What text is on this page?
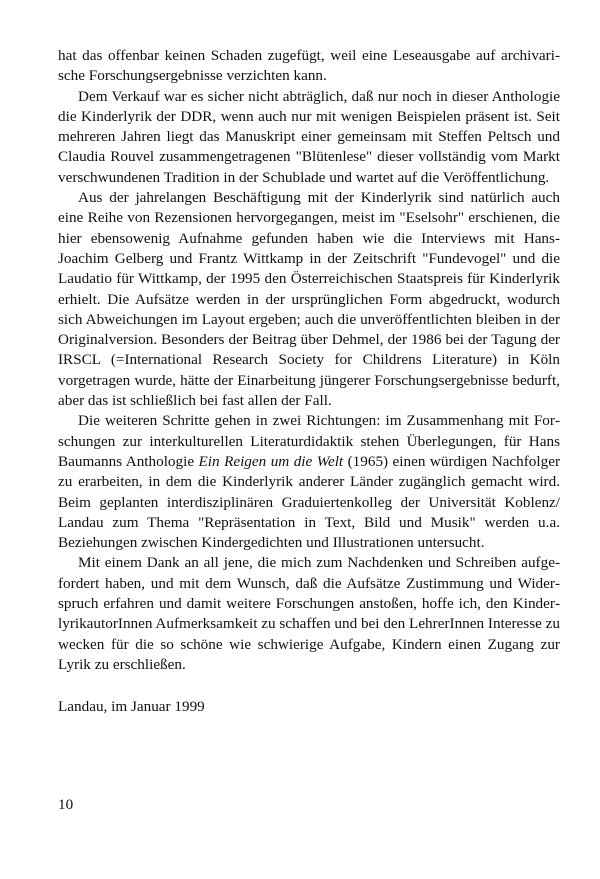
hat das offenbar keinen Schaden zugefügt, weil eine Leseausgabe auf archivarische Forschungsergebnisse verzichten kann.

Dem Verkauf war es sicher nicht abträglich, daß nur noch in dieser Anthologie die Kinderlyrik der DDR, wenn auch nur mit wenigen Beispielen präsent ist. Seit mehreren Jahren liegt das Manuskript einer gemeinsam mit Steffen Peltsch und Claudia Rouvel zusammengetragenen "Blütenlese" dieser vollständig vom Markt verschwundenen Tradition in der Schublade und wartet auf die Veröffentlichung.

Aus der jahrelangen Beschäftigung mit der Kinderlyrik sind natürlich auch eine Reihe von Rezensionen hervorgegangen, meist im "Eselsohr" erschienen, die hier ebensowenig Aufnahme gefunden haben wie die Interviews mit Hans-Joachim Gelberg und Frantz Wittkamp in der Zeitschrift "Fundevogel" und die Laudatio für Wittkamp, der 1995 den Österreichischen Staatspreis für Kinderlyrik erhielt. Die Aufsätze werden in der ursprünglichen Form abgedruckt, wodurch sich Abweichungen im Layout ergeben; auch die unveröffentlichten bleiben in der Originalversion. Besonders der Beitrag über Dehmel, der 1986 bei der Tagung der IRSCL (=International Research Society for Childrens Literature) in Köln vorgetragen wurde, hätte der Einarbeitung jüngerer Forschungsergebnisse bedurft, aber das ist schließlich bei fast allen der Fall.

Die weiteren Schritte gehen in zwei Richtungen: im Zusammenhang mit Forschungen zur interkulturellen Literaturdidaktik stehen Überlegungen, für Hans Baumanns Anthologie Ein Reigen um die Welt (1965) einen würdigen Nachfolger zu erarbeiten, in dem die Kinderlyrik anderer Länder zugänglich gemacht wird. Beim geplanten interdisziplinären Graduiertenkolleg der Universität Koblenz/ Landau zum Thema "Repräsentation in Text, Bild und Musik" werden u.a. Beziehungen zwischen Kindergedichten und Illustrationen untersucht.

Mit einem Dank an all jene, die mich zum Nachdenken und Schreiben aufgefordert haben, und mit dem Wunsch, daß die Aufsätze Zustimmung und Widerspruch erfahren und damit weitere Forschungen anstoßen, hoffe ich, den KinderlyrikautorInnen Aufmerksamkeit zu schaffen und bei den LehrerInnen Interesse zu wecken für die so schöne wie schwierige Aufgabe, Kindern einen Zugang zur Lyrik zu erschließen.

Landau, im Januar 1999
10
